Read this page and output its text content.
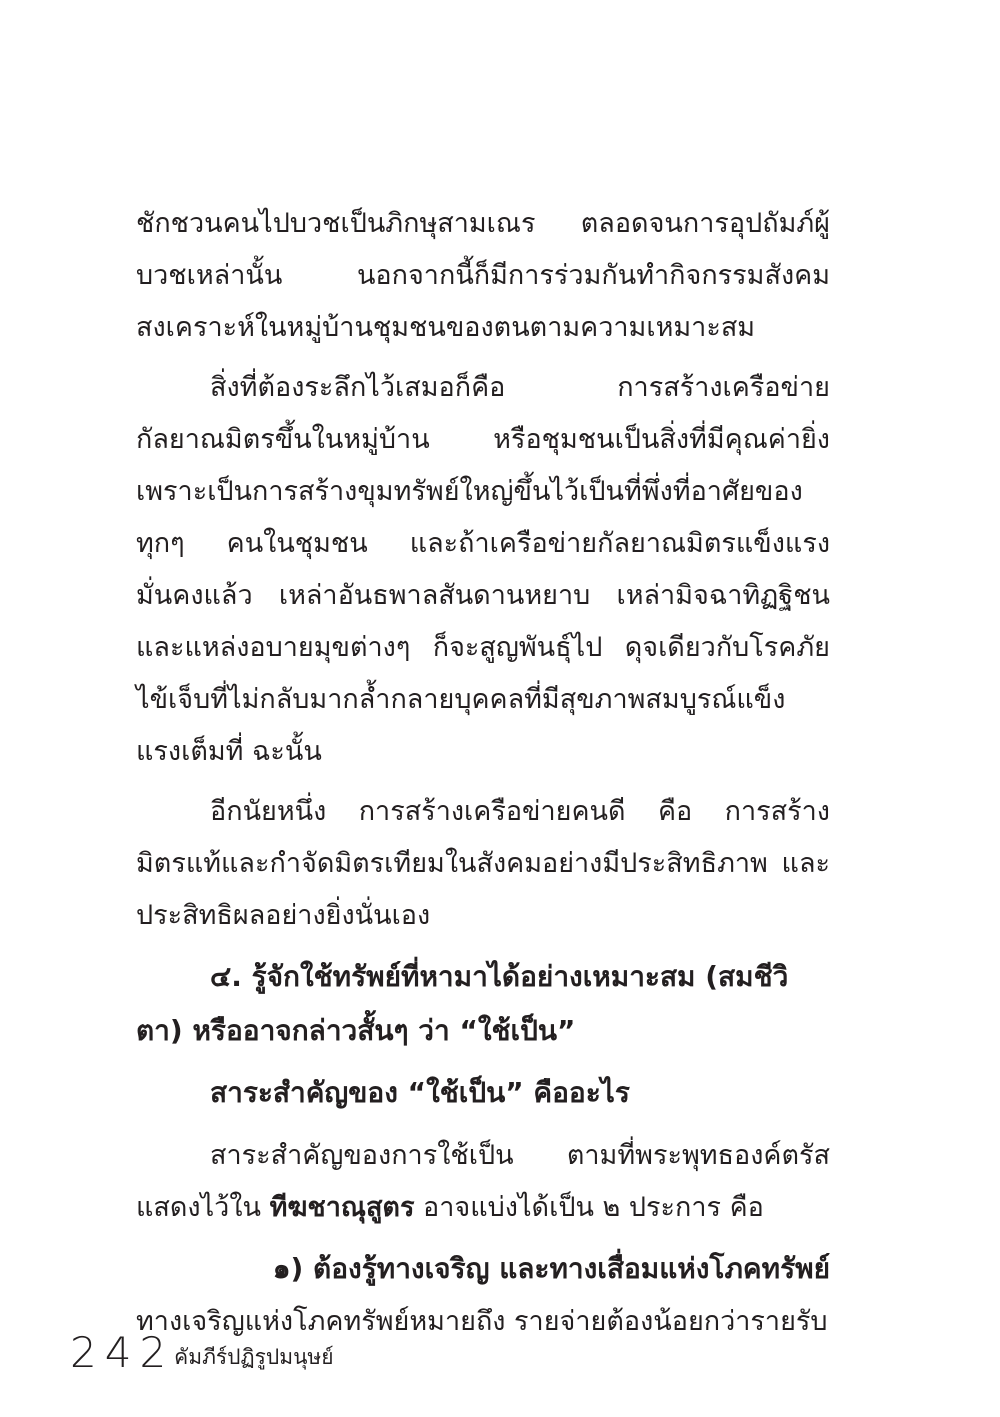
ชักชวนคนไปบวชเป็นภิกษุสามเณร ตลอดจนการอุปถัมภ์ผู้บวชเหล่านั้น นอกจากนี้ก็มีการร่วมกันทำกิจกรรมสังคม สงเคราะห์ในหมู่บ้านชุมชนของตนตามความเหมาะสม

สิ่งที่ต้องระลึกไว้เสมอก็คือ การสร้างเครือข่ายกัลยาณมิตรขึ้นในหมู่บ้าน หรือชุมชนเป็นสิ่งที่มีคุณค่ายิ่ง เพราะเป็นการสร้างขุมทรัพย์ใหญ่ขึ้นไว้เป็นที่พึ่งที่อาศัยของทุกๆ คนในชุมชน และถ้าเครือข่ายกัลยาณมิตรแข็งแรงมั่นคงแล้ว เหล่าอันธพาลสันดานหยาบ เหล่ามิจฉาทิฏฐิชน และแหล่งอบายมุขต่างๆ ก็จะสูญพันธุ์ไป ดุจเดียวกับโรคภัยไข้เจ็บที่ไม่กลับมากล้ำกลายบุคคลที่มีสุขภาพสมบูรณ์แข็งแรงเต็มที่ ฉะนั้น

อีกนัยหนึ่ง การสร้างเครือข่ายคนดี คือ การสร้างมิตรแท้และกำจัดมิตรเทียมในสังคมอย่างมีประสิทธิภาพ และประสิทธิผลอย่างยิ่งนั่นเอง

๔. รู้จักใช้ทรัพย์ที่หามาได้อย่างเหมาะสม (สมชีวิตา) หรืออาจกล่าวสั้นๆ ว่า “ใช้เป็น”

สาระสำคัญของ “ใช้เป็น” คืออะไร

สาระสำคัญของการใช้เป็น ตามที่พระพุทธองค์ตรัสแสดงไว้ใน ทีฆชาณุสูตร อาจแบ่งได้เป็น ๒ ประการ คือ

๑) ต้องรู้ทางเจริญ และทางเสื่อมแห่งโภคทรัพย์

ทางเจริญแห่งโภคทรัพย์หมายถึง รายจ่ายต้องน้อยกว่ารายรับ

242 คัมภีร์ปฏิรูปมนุษย์
